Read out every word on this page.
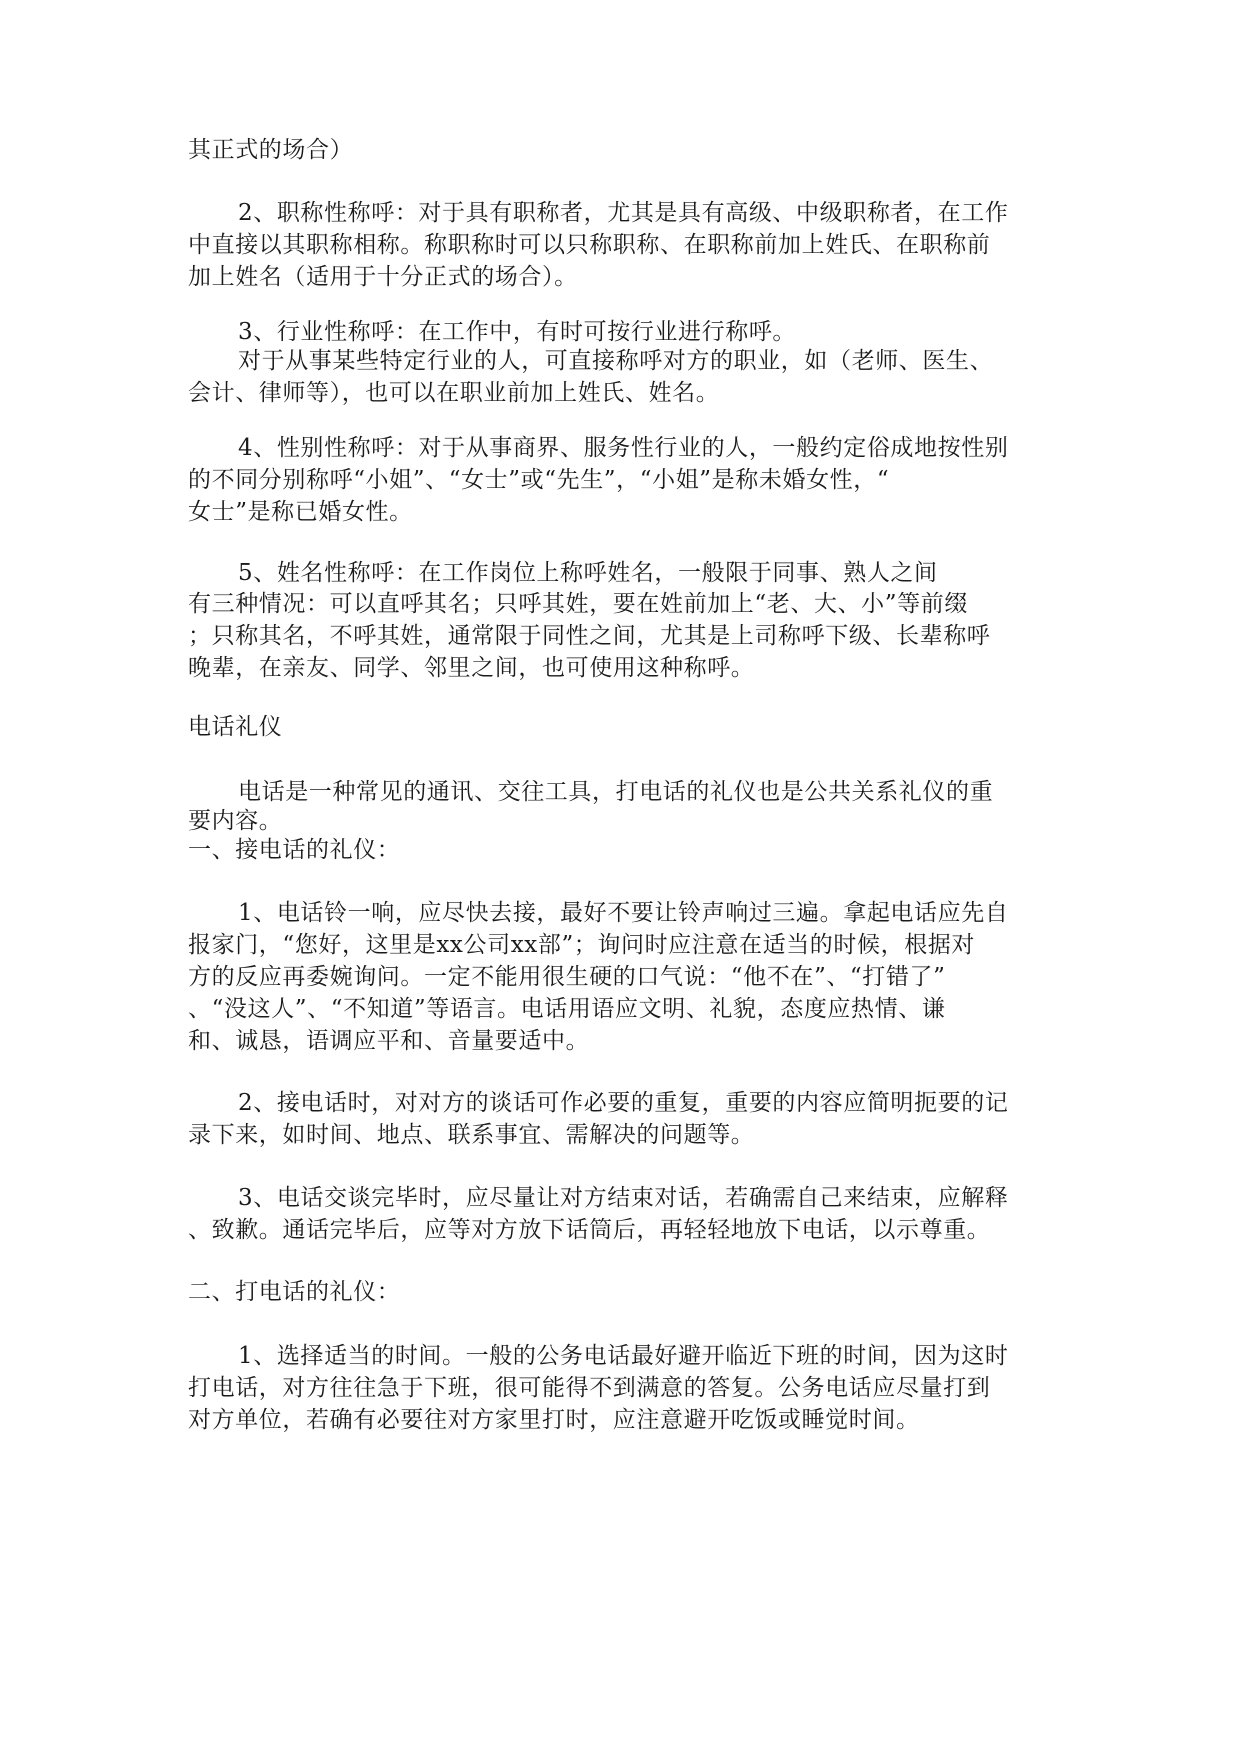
其正式的场合）
2、职称性称呼：对于具有职称者，尤其是具有高级、中级职称者，在工作
中直接以其职称相称。称职称时可以只称职称、在职称前加上姓氏、在职称前
加上姓名（适用于十分正式的场合）。
3、行业性称呼：在工作中，有时可按行业进行称呼。
对于从事某些特定行业的人，可直接称呼对方的职业，如（老师、医生、
会计、律师等），也可以在职业前加上姓氏、姓名。
4、性别性称呼：对于从事商界、服务性行业的人，一般约定俗成地按性别
的不同分别称呼“小姐”、“女士”或“先生”，“小姐”是称未婚女性，“
女士”是称已婚女性。
5、姓名性称呼：在工作岗位上称呼姓名，一般限于同事、熟人之间
有三种情况：可以直呼其名；只呼其姓，要在姓前加上“老、大、小”等前缀
；只称其名，不呼其姓，通常限于同性之间，尤其是上司称呼下级、长辈称呼
晚辈，在亲友、同学、邻里之间，也可使用这种称呼。
电话礼仪
电话是一种常见的通讯、交往工具，打电话的礼仪也是公共关系礼仪的重
要内容。
一、接电话的礼仪：
1、电话铃一响，应尽快去接，最好不要让铃声响过三遍。拿起电话应先自
报家门，“您好，这里是xx公司xx部”；询问时应注意在适当的时候，根据对
方的反应再委婉询问。一定不能用很生硬的口气说：“他不在”、“打错了”
、“没这人”、“不知道”等语言。电话用语应文明、礼貌，态度应热情、谦
和、诚恳，语调应平和、音量要适中。
2、接电话时，对对方的谈话可作必要的重复，重要的内容应简明扼要的记
录下来，如时间、地点、联系事宜、需解决的问题等。
3、电话交谈完毕时，应尽量让对方结束对话，若确需自己来结束，应解释
、致歉。通话完毕后，应等对方放下话筒后，再轻轻地放下电话，以示尊重。
二、打电话的礼仪：
1、选择适当的时间。一般的公务电话最好避开临近下班的时间，因为这时
打电话，对方往往急于下班，很可能得不到满意的答复。公务电话应尽量打到
对方单位，若确有必要往对方家里打时，应注意避开吃饭或睡觉时间。
